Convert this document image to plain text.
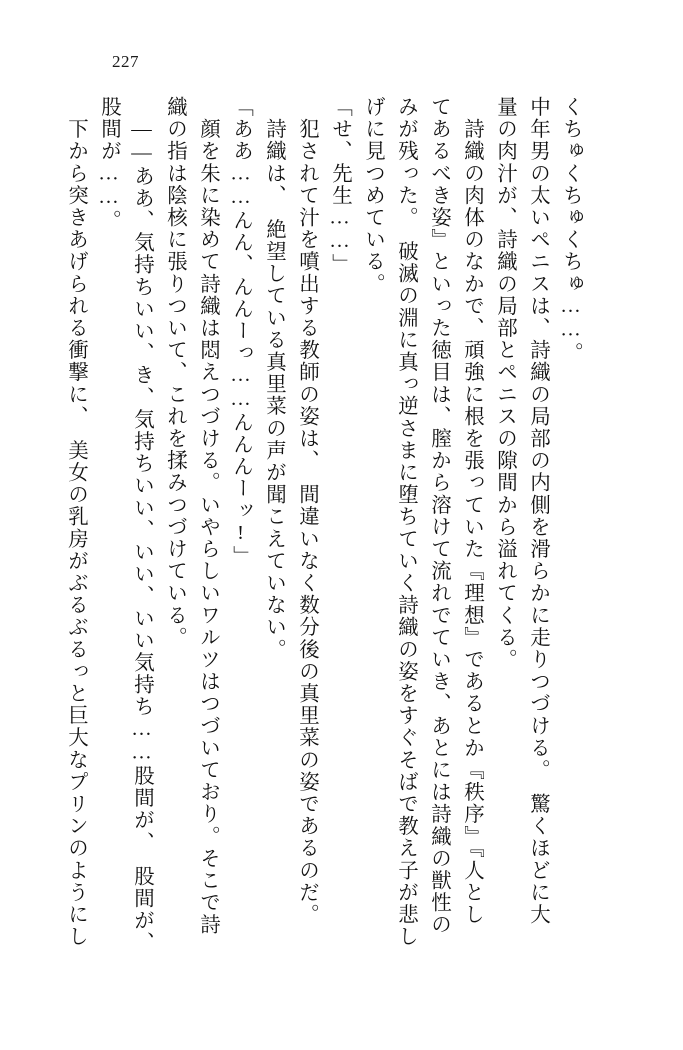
227
　下から突きあげられる衝撃に、　美女の乳房がぶるぶるっと巨大なプリンのようにし 股間が……。 　――ああ、気持ちいい、き、気持ちいい、いい、いい気持ち……股間が、　股間が、 織の指は陰核に張りついて、これを揉みつづけている。 　顔を朱に染めて詩織は悶えつづける。いやらしいワルツはつづいており。そこで詩 「ああ……んん、んんーっ……んんんーッ!」 　詩織は、　絶望している真里菜の声が聞こえていない。 　犯されて汁を噴出する教師の姿は、　間違いなく数分後の真里菜の姿であるのだ。 「せ、先生……」 げに見つめている。 みが残った。　破滅の淵に真っ逆さまに堕ちていく詩織の姿をすぐそばで教え子が悲し てあるべき姿』といった徳目は、膣から溶けて流れでていき、あとには詩織の獣性の 　詩織の肉体のなかで、頑強に根を張っていた『理想』であるとか『秩序』『人とし 量の肉汁が、詩織の局部とペニスの隙間から溢れてくる。 中年男の太いペニスは、詩織の局部の内側を滑らかに走りつづける。　驚くほどに大 くちゅくちゅくちゅ……。
